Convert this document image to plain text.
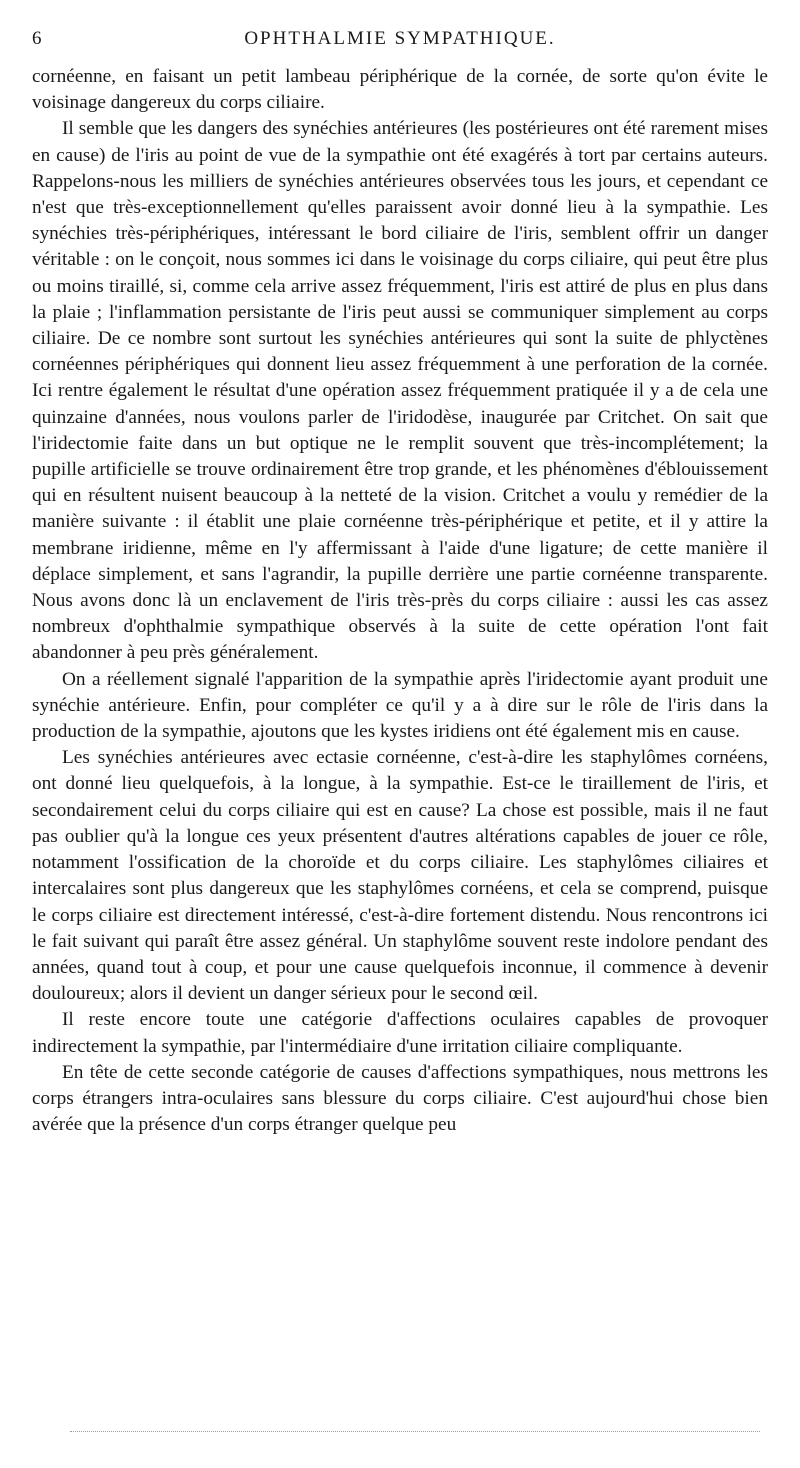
6	OPHTHALMIE SYMPATHIQUE.

cornéenne, en faisant un petit lambeau périphérique de la cornée, de sorte qu'on évite le voisinage dangereux du corps ciliaire.

Il semble que les dangers des synéchies antérieures (les postérieures ont été rarement mises en cause) de l'iris au point de vue de la sympathie ont été exagérés à tort par certains auteurs. Rappelons-nous les milliers de synéchies antérieures observées tous les jours, et cependant ce n'est que très-exceptionnellement qu'elles paraissent avoir donné lieu à la sympathie. Les synéchies très-périphériques, intéressant le bord ciliaire de l'iris, semblent offrir un danger véritable : on le conçoit, nous sommes ici dans le voisinage du corps ciliaire, qui peut être plus ou moins tiraillé, si, comme cela arrive assez fréquemment, l'iris est attiré de plus en plus dans la plaie ; l'inflammation persistante de l'iris peut aussi se communiquer simplement au corps ciliaire. De ce nombre sont surtout les synéchies antérieures qui sont la suite de phlyctènes cornéennes périphériques qui donnent lieu assez fréquemment à une perforation de la cornée. Ici rentre également le résultat d'une opération assez fréquemment pratiquée il y a de cela une quinzaine d'années, nous voulons parler de l'iridodèse, inaugurée par Critchet. On sait que l'iridectomie faite dans un but optique ne le remplit souvent que très-incomplétement; la pupille artificielle se trouve ordinairement être trop grande, et les phénomènes d'éblouissement qui en résultent nuisent beaucoup à la netteté de la vision. Critchet a voulu y remédier de la manière suivante : il établit une plaie cornéenne très-périphérique et petite, et il y attire la membrane iridienne, même en l'y affermissant à l'aide d'une ligature; de cette manière il déplace simplement, et sans l'agrandir, la pupille derrière une partie cornéenne transparente. Nous avons donc là un enclavement de l'iris très-près du corps ciliaire : aussi les cas assez nombreux d'ophthalmie sympathique observés à la suite de cette opération l'ont fait abandonner à peu près généralement.

On a réellement signalé l'apparition de la sympathie après l'iridectomie ayant produit une synéchie antérieure. Enfin, pour compléter ce qu'il y a à dire sur le rôle de l'iris dans la production de la sympathie, ajoutons que les kystes iridiens ont été également mis en cause.

Les synéchies antérieures avec ectasie cornéenne, c'est-à-dire les staphylômes cornéens, ont donné lieu quelquefois, à la longue, à la sympathie. Est-ce le tiraillement de l'iris, et secondairement celui du corps ciliaire qui est en cause? La chose est possible, mais il ne faut pas oublier qu'à la longue ces yeux présentent d'autres altérations capables de jouer ce rôle, notamment l'ossification de la choroïde et du corps ciliaire. Les staphylômes ciliaires et intercalaires sont plus dangereux que les staphylômes cornéens, et cela se comprend, puisque le corps ciliaire est directement intéressé, c'est-à-dire fortement distendu. Nous rencontrons ici le fait suivant qui paraît être assez général. Un staphylôme souvent reste indolore pendant des années, quand tout à coup, et pour une cause quelquefois inconnue, il commence à devenir douloureux; alors il devient un danger sérieux pour le second œil.

Il reste encore toute une catégorie d'affections oculaires capables de provoquer indirectement la sympathie, par l'intermédiaire d'une irritation ciliaire compliquante.

En tête de cette seconde catégorie de causes d'affections sympathiques, nous mettrons les corps étrangers intra-oculaires sans blessure du corps ciliaire. C'est aujourd'hui chose bien avérée que la présence d'un corps étranger quelque peu
